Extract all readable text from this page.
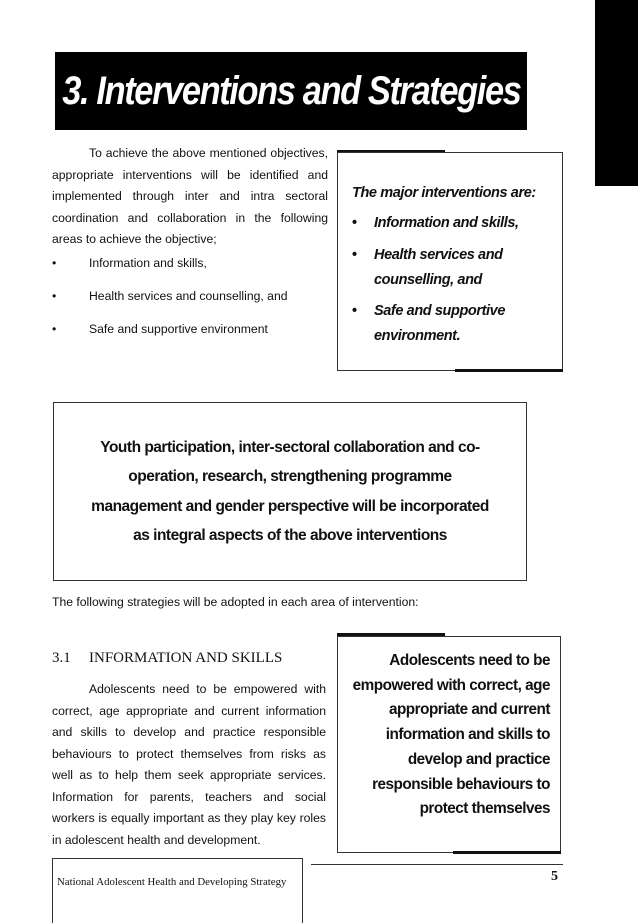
3. Interventions and Strategies

To achieve the above mentioned objectives, appropriate interventions will be identified and implemented through inter and intra sectoral coordination and collaboration in the following areas to achieve the objective;

•	Information and skills,
•	Health services and counselling, and
•	Safe and supportive environment
The major interventions are:
•	Information and skills,
•	Health services and counselling, and
•	Safe and supportive environment.

Youth participation, inter-sectoral collaboration and co-operation, research, strengthening programme management and gender perspective will be incorporated as integral aspects of the above interventions

The following strategies will be adopted in each area of intervention:
3.1 INFORMATION AND SKILLS

Adolescents need to be empowered with correct, age appropriate and current information and skills to develop and practice responsible behaviours to protect themselves from risks as well as to help them seek appropriate services. Information for parents, teachers and social workers is equally important as they play key roles in adolescent health and development.

Adolescents need to be empowered with correct, age appropriate and current information and skills to develop and practice responsible behaviours to protect themselves

National Adolescent Health and Developing Strategy	5
